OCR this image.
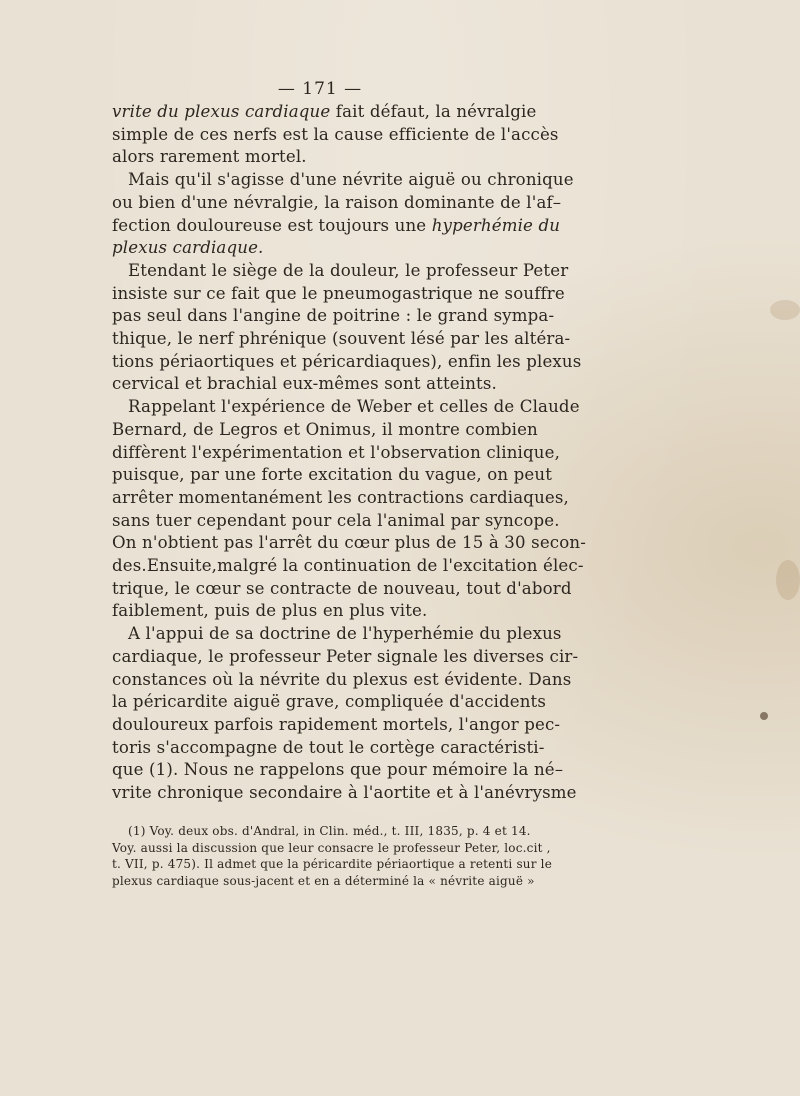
— 171 —
vrite du plexus cardiaque fait défaut, la névralgie
simple de ces nerfs est la cause efficiente de l'accès
alors rarement mortel.
Mais qu'il s'agisse d'une névrite aiguë ou chronique
ou bien d'une névralgie, la raison dominante de l'af–
fection douloureuse est toujours une hyperhémie du
plexus cardiaque.
Etendant le siège de la douleur, le professeur Peter
insiste sur ce fait que le pneumogastrique ne souffre
pas seul dans l'angine de poitrine : le grand sympa-
thique, le nerf phrénique (souvent lésé par les altéra-
tions périaortiques et péricardiaques), enfin les plexus
cervical et brachial eux-mêmes sont atteints.
Rappelant l'expérience de Weber et celles de Claude
Bernard, de Legros et Onimus, il montre combien
diffèrent l'expérimentation et l'observation clinique,
puisque, par une forte excitation du vague, on peut
arrêter momentanément les contractions cardiaques,
sans tuer cependant pour cela l'animal par syncope.
On n'obtient pas l'arrêt du cœur plus de 15 à 30 secon-
des.Ensuite,malgré la continuation de l'excitation élec-
trique, le cœur se contracte de nouveau, tout d'abord
faiblement, puis de plus en plus vite.
A l'appui de sa doctrine de l'hyperhémie du plexus
cardiaque, le professeur Peter signale les diverses cir-
constances où la névrite du plexus est évidente. Dans
la péricardite aiguë grave, compliquée d'accidents
douloureux parfois rapidement mortels, l'angor pec-
toris s'accompagne de tout le cortège caractéristi-
que (1). Nous ne rappelons que pour mémoire la né–
vrite chronique secondaire à l'aortite et à l'anévrysme
(1) Voy. deux obs. d'Andral, in Clin. méd., t. III, 1835, p. 4 et 14.
Voy. aussi la discussion que leur consacre le professeur Peter, loc.cit ,
t. VII, p. 475). Il admet que la péricardite périaortique a retenti sur le
plexus cardiaque sous-jacent et en a déterminé la « névrite aiguë »
